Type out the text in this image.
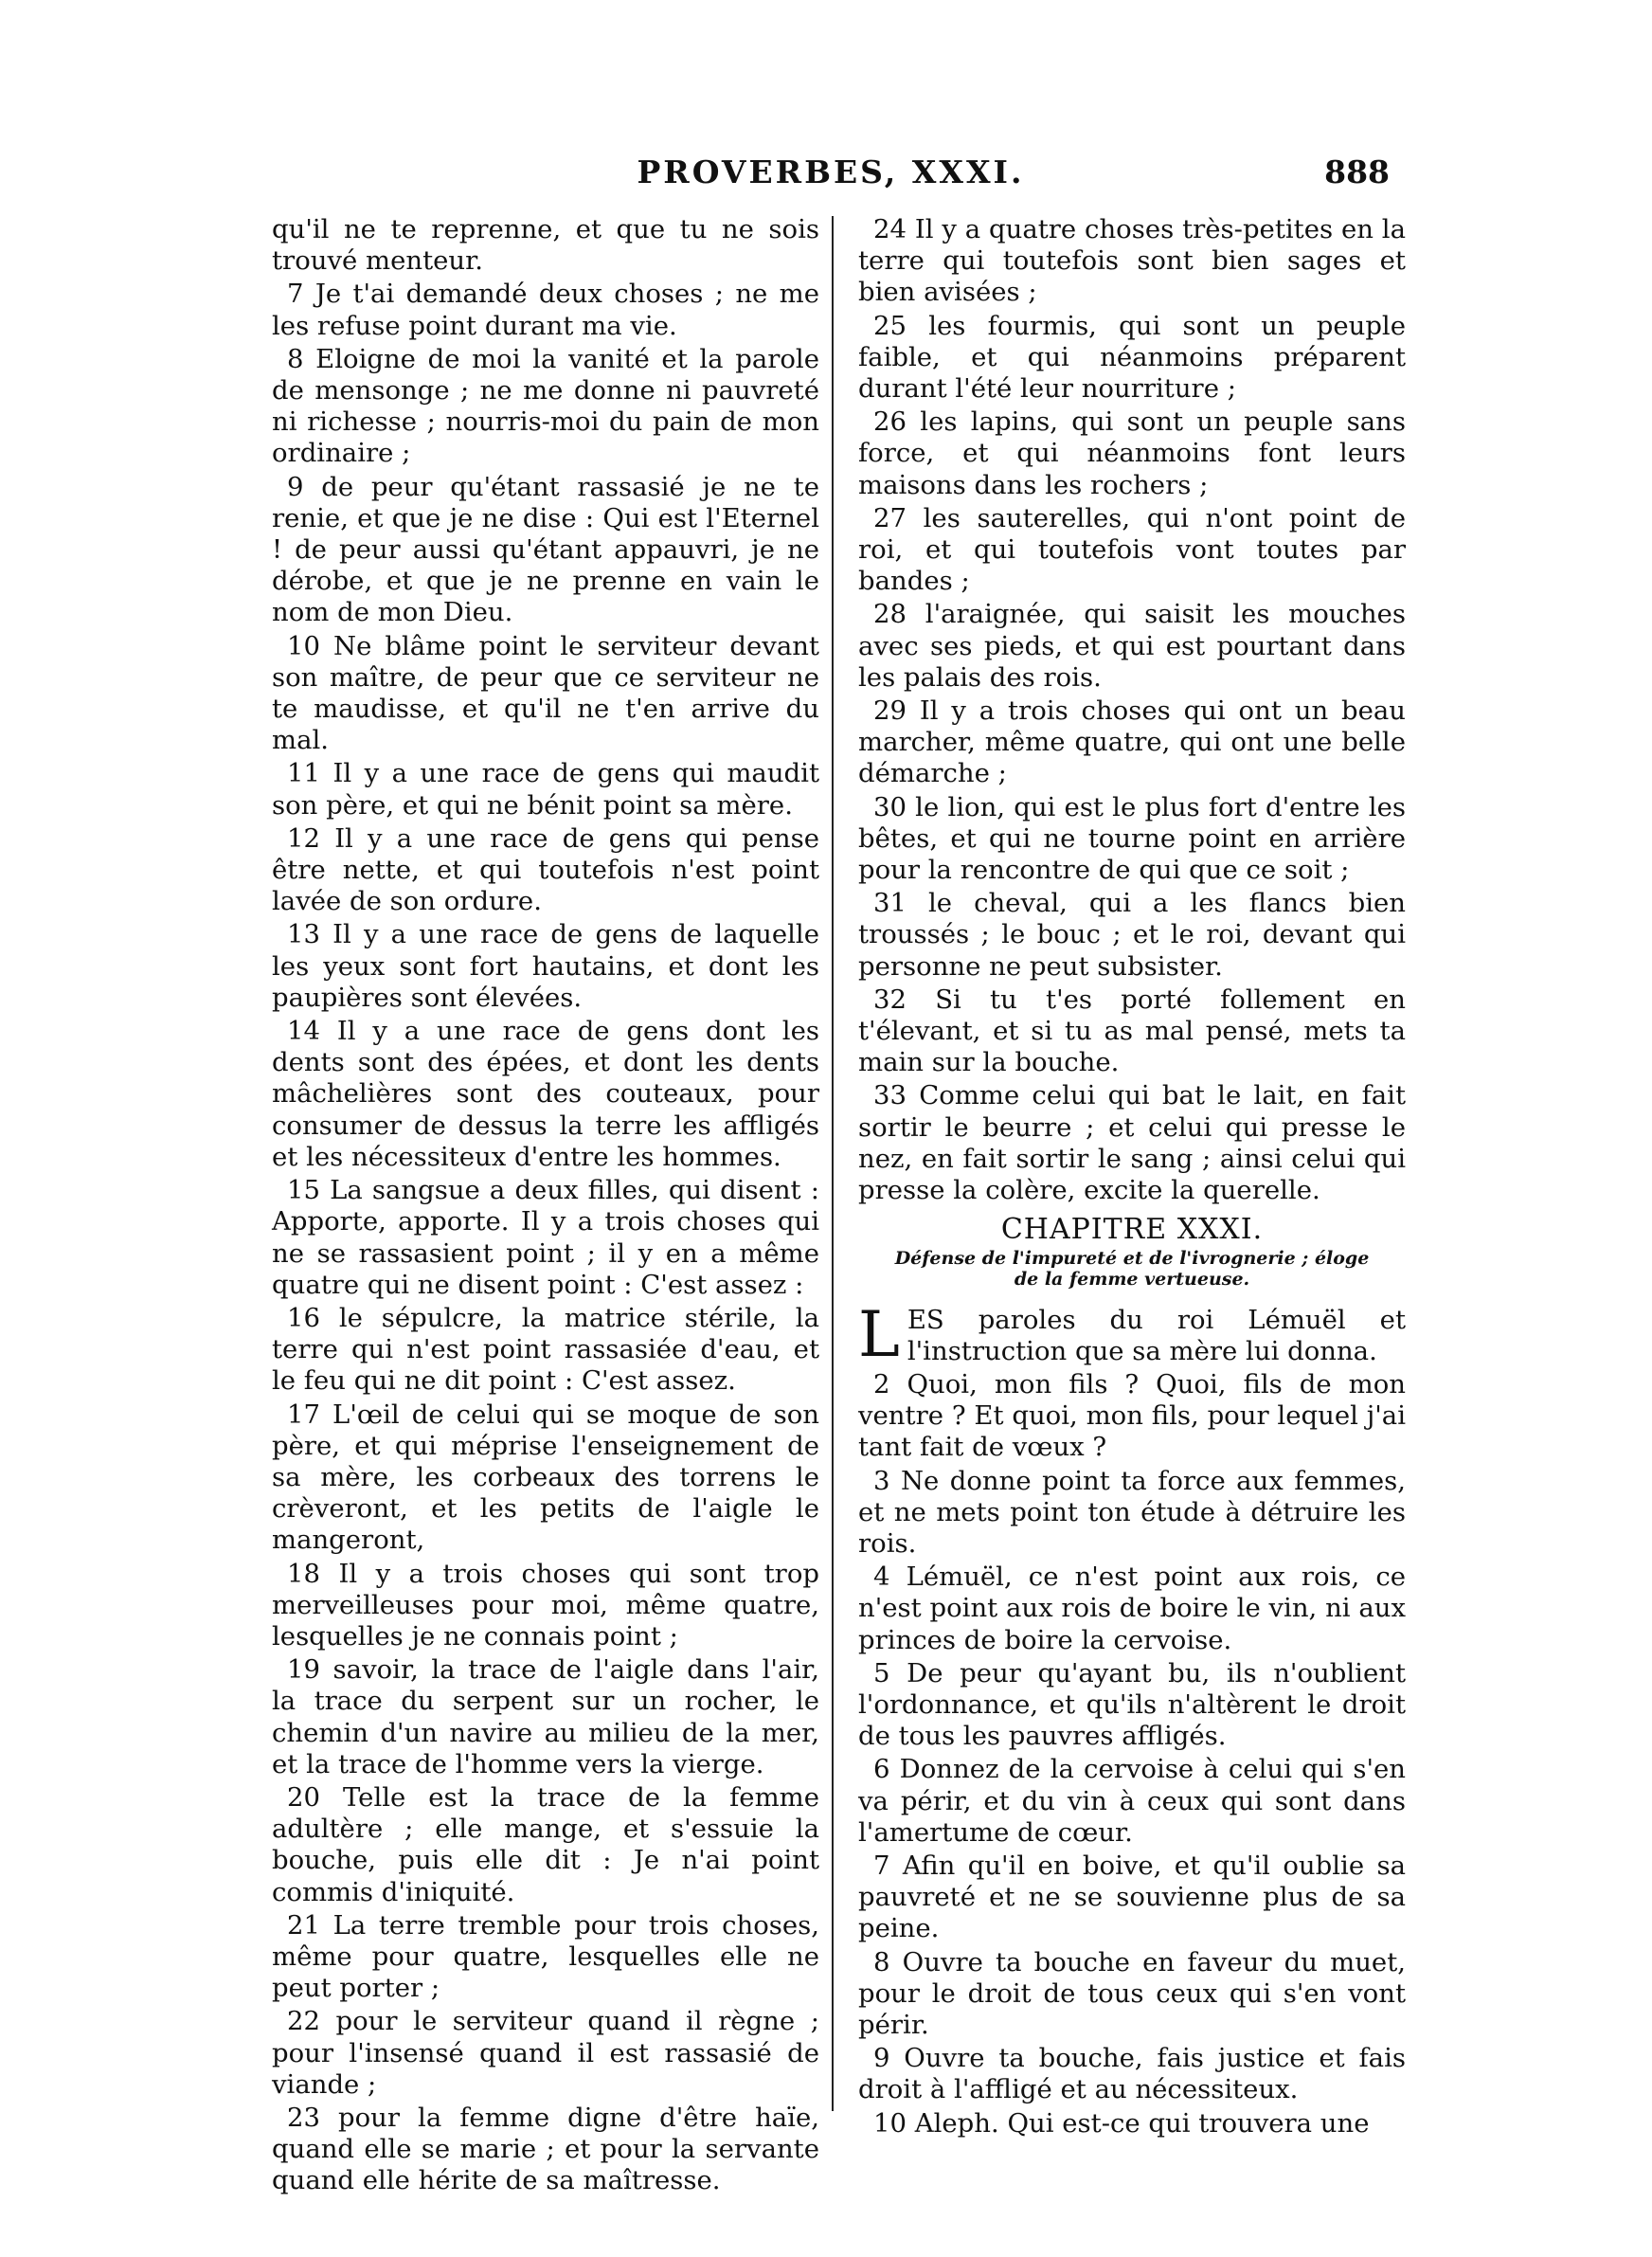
PROVERBES, XXXI.	888

qu'il ne te reprenne, et que tu ne sois trouvé menteur.

7 Je t'ai demandé deux choses ; ne me les refuse point durant ma vie.

8 Eloigne de moi la vanité et la parole de mensonge ; ne me donne ni pauvreté ni richesse ; nourris-moi du pain de mon ordinaire ;

9 de peur qu'étant rassasié je ne te renie, et que je ne dise : Qui est l'Eternel ! de peur aussi qu'étant appauvri, je ne dérobe, et que je ne prenne en vain le nom de mon Dieu.

10 Ne blâme point le serviteur devant son maître, de peur que ce serviteur ne te maudisse, et qu'il ne t'en arrive du mal.

11 Il y a une race de gens qui maudit son père, et qui ne bénit point sa mère.

12 Il y a une race de gens qui pense être nette, et qui toutefois n'est point lavée de son ordure.

13 Il y a une race de gens de laquelle les yeux sont fort hautains, et dont les paupières sont élevées.

14 Il y a une race de gens dont les dents sont des épées, et dont les dents mâchelières sont des couteaux, pour consumer de dessus la terre les affligés et les nécessiteux d'entre les hommes.

15 La sangsue a deux filles, qui disent : Apporte, apporte. Il y a trois choses qui ne se rassasient point ; il y en a même quatre qui ne disent point : C'est assez :

16 le sépulcre, la matrice stérile, la terre qui n'est point rassasiée d'eau, et le feu qui ne dit point : C'est assez.

17 L'œil de celui qui se moque de son père, et qui méprise l'enseignement de sa mère, les corbeaux des torrens le crèveront, et les petits de l'aigle le mangeront,

18 Il y a trois choses qui sont trop merveilleuses pour moi, même quatre, lesquelles je ne connais point ;

19 savoir, la trace de l'aigle dans l'air, la trace du serpent sur un rocher, le chemin d'un navire au milieu de la mer, et la trace de l'homme vers la vierge.

20 Telle est la trace de la femme adultère ; elle mange, et s'essuie la bouche, puis elle dit : Je n'ai point commis d'iniquité.

21 La terre tremble pour trois choses, même pour quatre, lesquelles elle ne peut porter ;

22 pour le serviteur quand il règne ; pour l'insensé quand il est rassasié de viande ;

23 pour la femme digne d'être haïe, quand elle se marie ; et pour la servante quand elle hérite de sa maîtresse.

24 Il y a quatre choses très-petites en la terre qui toutefois sont bien sages et bien avisées ;

25 les fourmis, qui sont un peuple faible, et qui néanmoins préparent durant l'été leur nourriture ;

26 les lapins, qui sont un peuple sans force, et qui néanmoins font leurs maisons dans les rochers ;

27 les sauterelles, qui n'ont point de roi, et qui toutefois vont toutes par bandes ;

28 l'araignée, qui saisit les mouches avec ses pieds, et qui est pourtant dans les palais des rois.

29 Il y a trois choses qui ont un beau marcher, même quatre, qui ont une belle démarche ;

30 le lion, qui est le plus fort d'entre les bêtes, et qui ne tourne point en arrière pour la rencontre de qui que ce soit ;

31 le cheval, qui a les flancs bien troussés ; le bouc ; et le roi, devant qui personne ne peut subsister.

32 Si tu t'es porté follement en t'élevant, et si tu as mal pensé, mets ta main sur la bouche.

33 Comme celui qui bat le lait, en fait sortir le beurre ; et celui qui presse le nez, en fait sortir le sang ; ainsi celui qui presse la colère, excite la querelle.

CHAPITRE XXXI.
Défense de l'impureté et de l'ivrognerie ; éloge de la femme vertueuse.

LES paroles du roi Lémuël et l'instruction que sa mère lui donna.

2 Quoi, mon fils ? Quoi, fils de mon ventre ? Et quoi, mon fils, pour lequel j'ai tant fait de vœux ?

3 Ne donne point ta force aux femmes, et ne mets point ton étude à détruire les rois.

4 Lémuël, ce n'est point aux rois, ce n'est point aux rois de boire le vin, ni aux princes de boire la cervoise.

5 De peur qu'ayant bu, ils n'oublient l'ordonnance, et qu'ils n'altèrent le droit de tous les pauvres affligés.

6 Donnez de la cervoise à celui qui s'en va périr, et du vin à ceux qui sont dans l'amertume de cœur.

7 Afin qu'il en boive, et qu'il oublie sa pauvreté et ne se souvienne plus de sa peine.

8 Ouvre ta bouche en faveur du muet, pour le droit de tous ceux qui s'en vont périr.

9 Ouvre ta bouche, fais justice et fais droit à l'affligé et au nécessiteux.

10 Aleph. Qui est-ce qui trouvera une
